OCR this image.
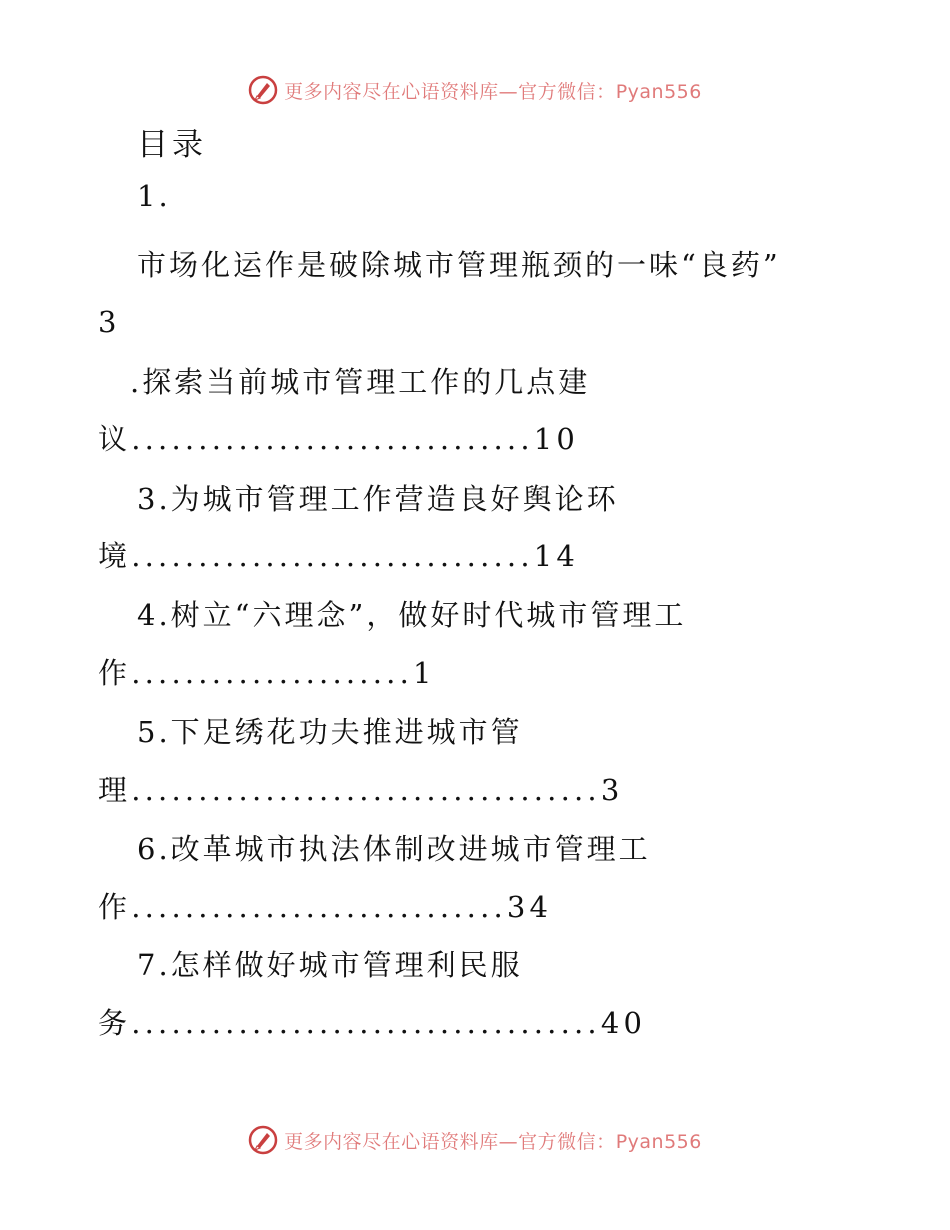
更多内容尽在心语资料库—官方微信：Pyan556
目录
1.
市场化运作是破除城市管理瓶颈的一味“良药”
3
.探索当前城市管理工作的几点建
议..............................10
3.为城市管理工作营造良好舆论环
境..............................14
4.树立“六理念”，做好时代城市管理工
作.....................1
5.下足绣花功夫推进城市管
理...................................3
6.改革城市执法体制改进城市管理工
作............................34
7.怎样做好城市管理利民服
务...................................40
更多内容尽在心语资料库—官方微信：Pyan556
